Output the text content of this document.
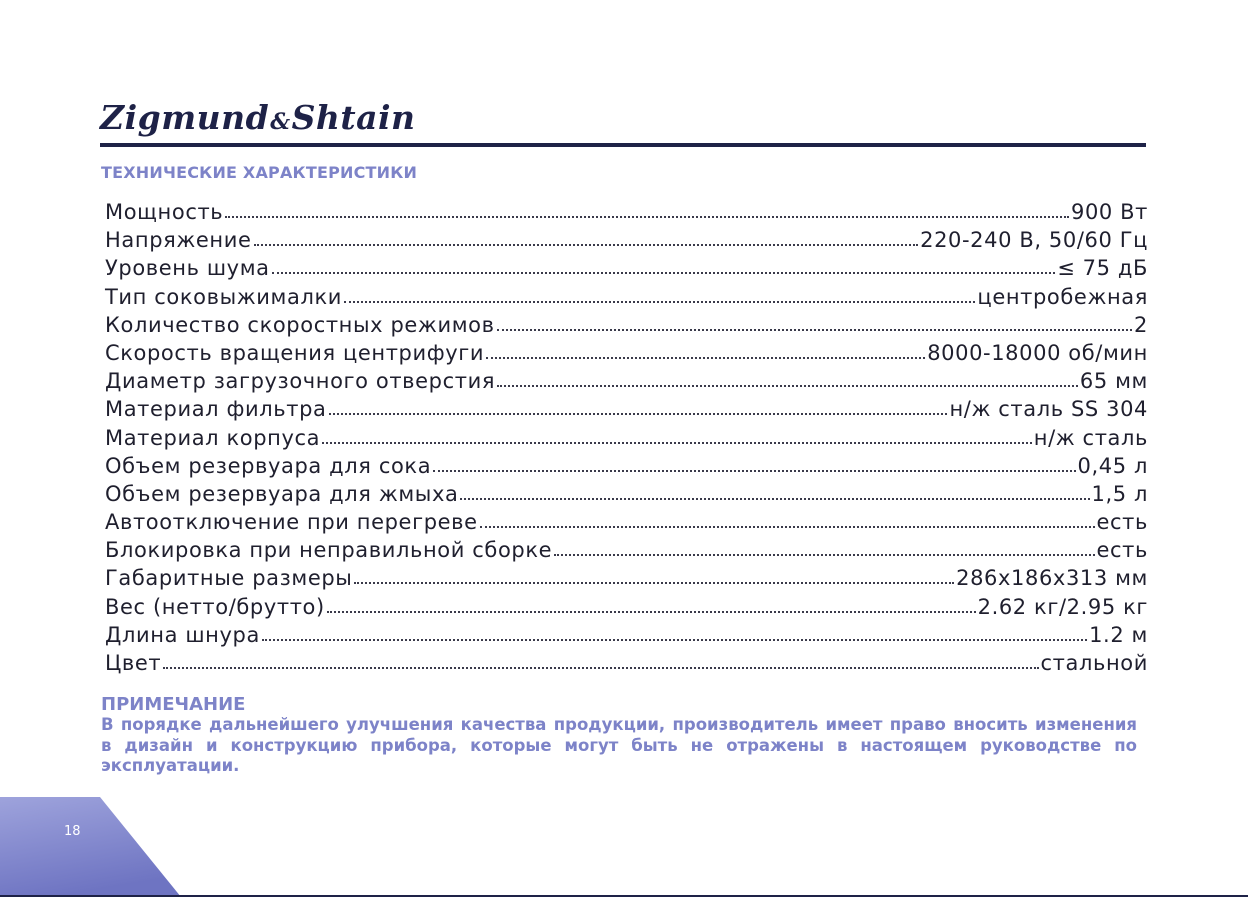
Zigmund&Shtain
ТЕХНИЧЕСКИЕ ХАРАКТЕРИСТИКИ
Мощность	900 Вт
Напряжение	220-240 В, 50/60 Гц
Уровень шума	≤ 75 дБ
Тип соковыжималки	центробежная
Количество скоростных режимов	2
Скорость вращения центрифуги	8000-18000 об/мин
Диаметр загрузочного отверстия	65 мм
Материал фильтра	н/ж сталь SS 304
Материал корпуса	н/ж сталь
Объем резервуара для сока	0,45 л
Объем резервуара для жмыха	1,5 л
Автоотключение при перегреве	есть
Блокировка при неправильной сборке	есть
Габаритные размеры	286x186x313 мм
Вес (нетто/брутто)	2.62 кг/2.95 кг
Длина шнура	1.2 м
Цвет	стальной
ПРИМЕЧАНИЕ
В порядке дальнейшего улучшения качества продукции, производитель имеет право вносить изменения в дизайн и конструкцию прибора, которые могут быть не отражены в настоящем руководстве по эксплуатации.
18
